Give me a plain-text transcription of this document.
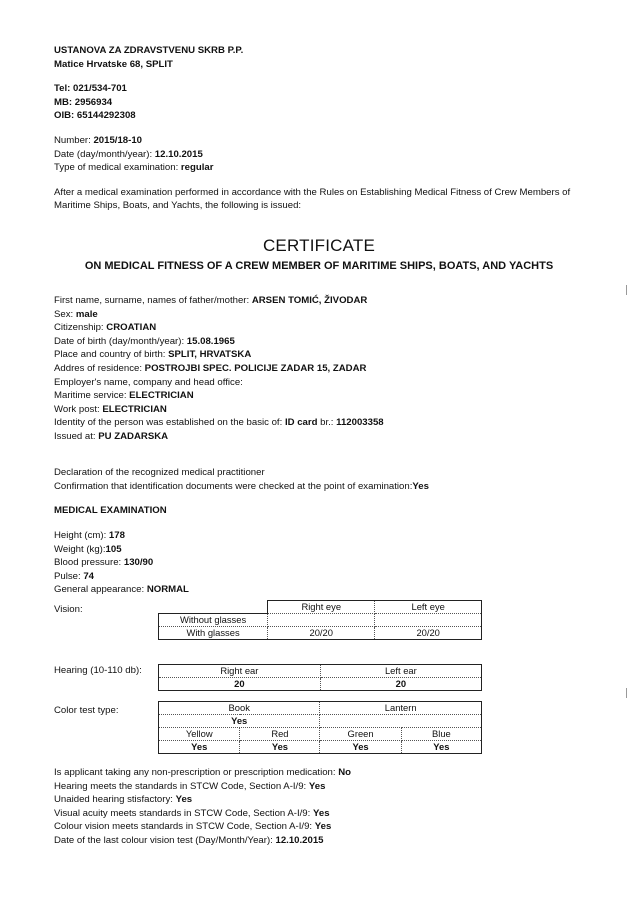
USTANOVA ZA ZDRAVSTVENU SKRB P.P.
Matice Hrvatske 68, SPLIT
Tel: 021/534-701
MB: 2956934
OIB: 65144292308
Number: 2015/18-10
Date (day/month/year): 12.10.2015
Type of medical examination: regular
After a medical examination performed in accordance with the Rules on Establishing Medical Fitness of Crew Members of Maritime Ships, Boats, and Yachts, the following is issued:
CERTIFICATE
ON MEDICAL FITNESS OF A CREW MEMBER OF MARITIME SHIPS, BOATS, AND YACHTS
First name, surname, names of father/mother: ARSEN TOMIĆ, ŽIVODAR
Sex: male
Citizenship: CROATIAN
Date of birth (day/month/year): 15.08.1965
Place and country of birth: SPLIT, HRVATSKA
Addres of residence: POSTROJBI SPEC. POLICIJE ZADAR 15, ZADAR
Employer's name, company and head office:
Maritime service: ELECTRICIAN
Work post: ELECTRICIAN
Identity of the person was established on the basic of: ID card br.: 112003358
Issued at: PU ZADARSKA
Declaration of the recognized medical practitioner
Confirmation that identification documents were checked at the point of examination:Yes
MEDICAL EXAMINATION
Height (cm): 178
Weight (kg):105
Blood pressure: 130/90
Pulse: 74
General appearance: NORMAL
Vision:
		Right eye	Left eye
Without glasses		
With glasses	20/20	20/20
Hearing (10-110 db):	Right ear	Left ear
20	20
Color test type:	Book		Lantern	
Yes			
Yellow	Red	Green	Blue
Yes	Yes	Yes	Yes
Is applicant taking any non-prescription or prescription medication: No
Hearing meets the standards in STCW Code, Section A-I/9: Yes
Unaided hearing stisfactory: Yes
Visual acuity meets standards in STCW Code, Section A-I/9: Yes
Colour vision meets standards in STCW Code, Section A-I/9: Yes
Date of the last colour vision test (Day/Month/Year): 12.10.2015
